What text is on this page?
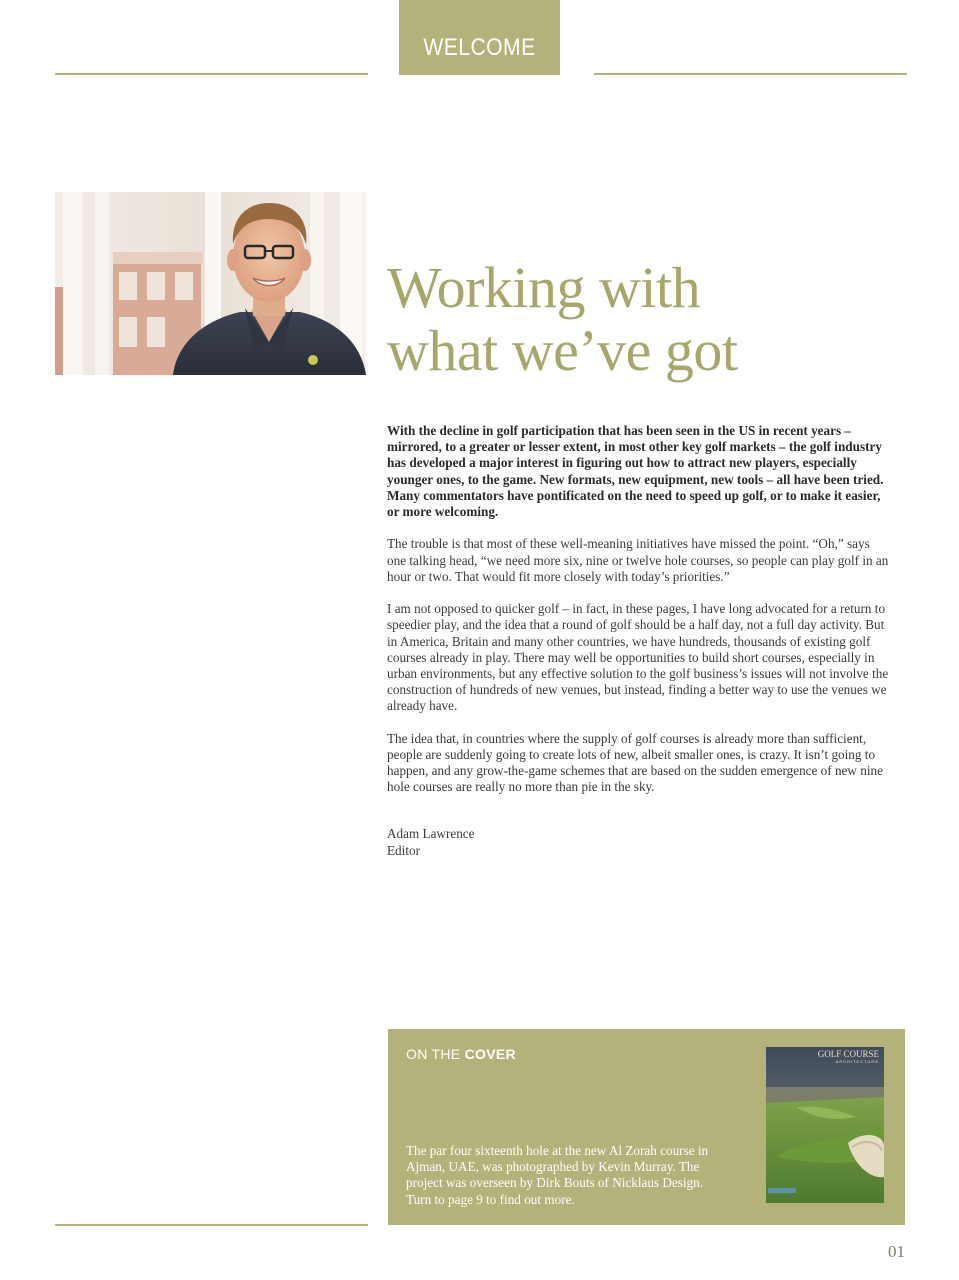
WELCOME
Working with
what we’ve got

With the decline in golf participation that has been seen in the US in recent years – mirrored, to a greater or lesser extent, in most other key golf markets – the golf industry has developed a major interest in figuring out how to attract new players, especially younger ones, to the game. New formats, new equipment, new tools – all have been tried. Many commentators have pontificated on the need to speed up golf, or to make it easier, or more welcoming.

The trouble is that most of these well-meaning initiatives have missed the point. “Oh,” says one talking head, “we need more six, nine or twelve hole courses, so people can play golf in an hour or two. That would fit more closely with today’s priorities.”

I am not opposed to quicker golf – in fact, in these pages, I have long advocated for a return to speedier play, and the idea that a round of golf should be a half day, not a full day activity. But in America, Britain and many other countries, we have hundreds, thousands of existing golf courses already in play. There may well be opportunities to build short courses, especially in urban environments, but any effective solution to the golf business’s issues will not involve the construction of hundreds of new venues, but instead, finding a better way to use the venues we already have.

The idea that, in countries where the supply of golf courses is already more than sufficient, people are suddenly going to create lots of new, albeit smaller ones, is crazy. It isn’t going to happen, and any grow-the-game schemes that are based on the sudden emergence of new nine hole courses are really no more than pie in the sky.

Adam Lawrence
Editor
ON THE COVER
The par four sixteenth hole at the new Al Zorah course in Ajman, UAE, was photographed by Kevin Murray. The project was overseen by Dirk Bouts of Nicklaus Design. Turn to page 9 to find out more.
GOLF COURSE
ARCHITECTURE
01
